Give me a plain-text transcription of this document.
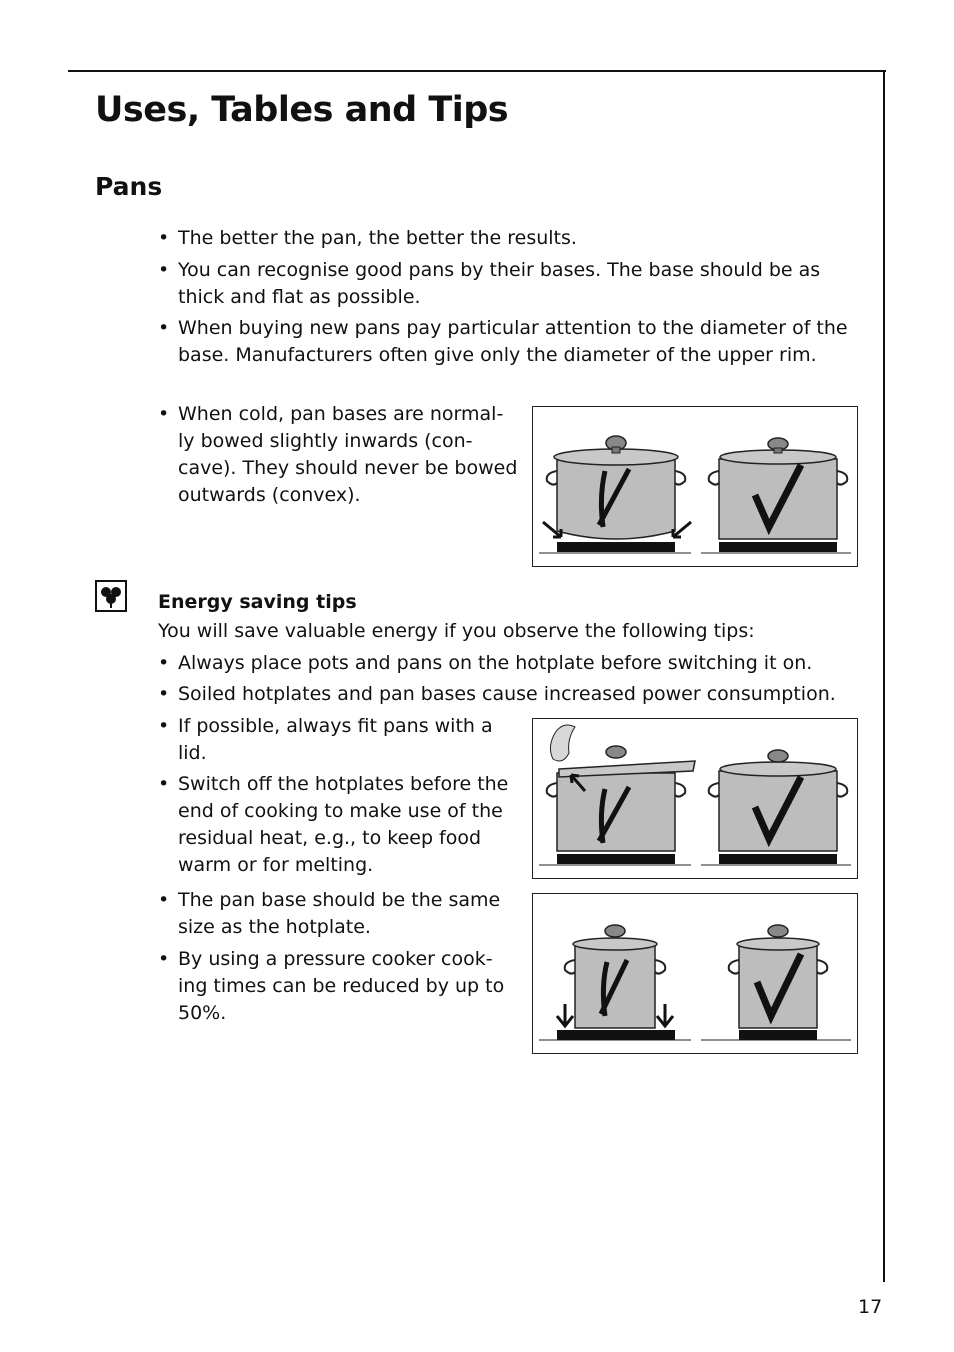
Uses, Tables and Tips
Pans

• The better the pan, the better the results.

• You can recognise good pans by their bases. The base should be as thick and flat as possible.

• When buying new pans pay particular attention to the diameter of the base. Manufacturers often give only the diameter of the upper rim.

• When cold, pan bases are normal-ly bowed slightly inwards (con-cave). They should never be bowed outwards (convex).

Energy saving tips

You will save valuable energy if you observe the following tips:

• Always place pots and pans on the hotplate before switching it on.

• Soiled hotplates and pan bases cause increased power consumption.

• If possible, always fit pans with a lid.

• Switch off the hotplates before the end of cooking to make use of the residual heat, e.g., to keep food warm or for melting.

• The pan base should be the same size as the hotplate.

• By using a pressure cooker cook-ing times can be reduced by up to 50%.

17
